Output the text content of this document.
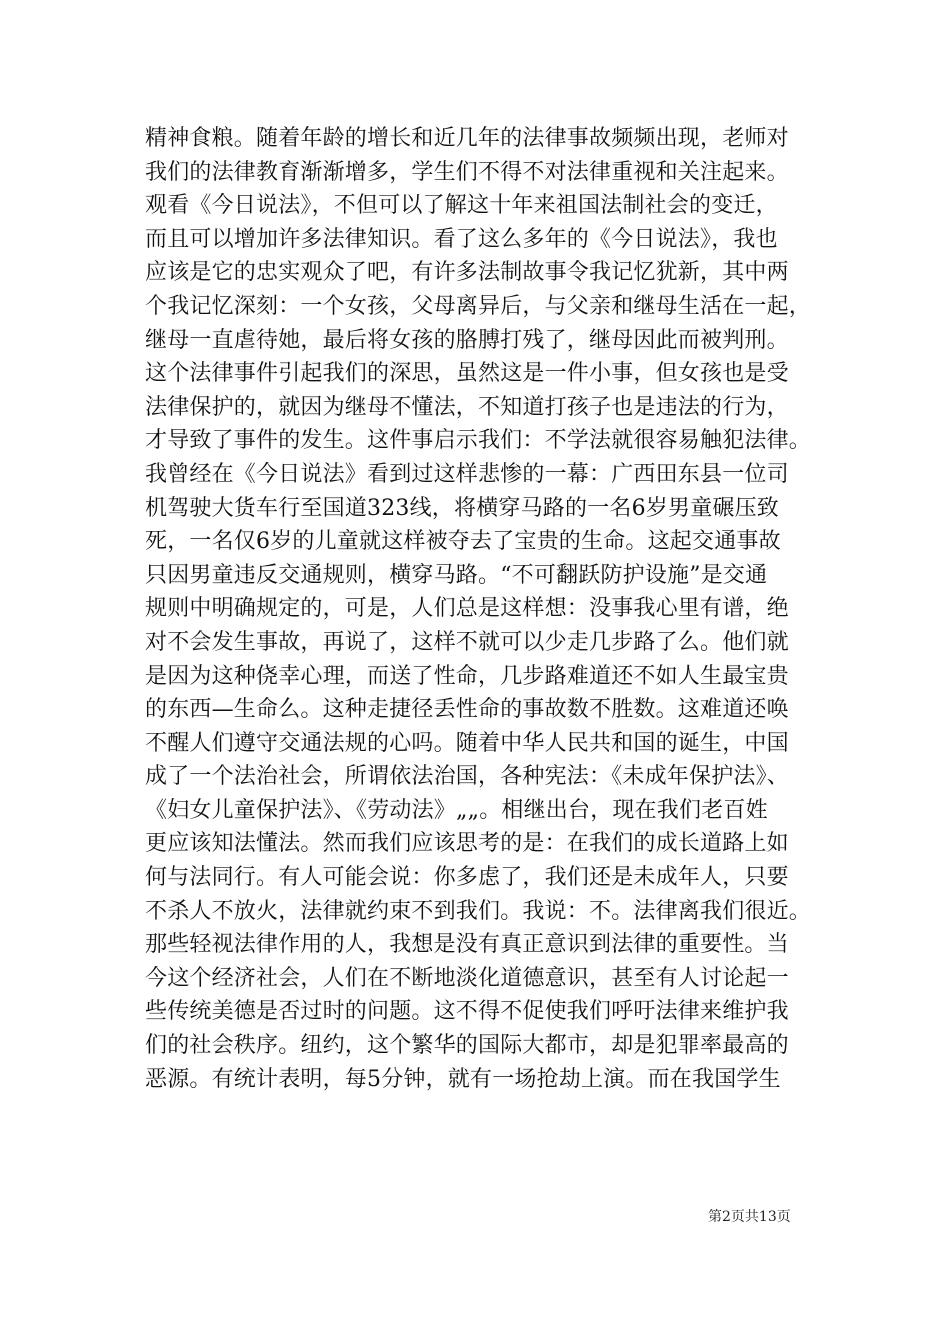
精神食粮。随着年龄的增长和近几年的法律事故频频出现，老师对
我们的法律教育渐渐增多，学生们不得不对法律重视和关注起来。
观看《今日说法》，不但可以了解这十年来祖国法制社会的变迁，
而且可以增加许多法律知识。看了这么多年的《今日说法》，我也
应该是它的忠实观众了吧，有许多法制故事令我记忆犹新，其中两
个我记忆深刻：一个女孩，父母离异后，与父亲和继母生活在一起，
继母一直虐待她，最后将女孩的胳膊打残了，继母因此而被判刑。
这个法律事件引起我们的深思，虽然这是一件小事，但女孩也是受
法律保护的，就因为继母不懂法，不知道打孩子也是违法的行为，
才导致了事件的发生。这件事启示我们：不学法就很容易触犯法律。
我曾经在《今日说法》看到过这样悲惨的一幕：广西田东县一位司
机驾驶大货车行至国道323线，将横穿马路的一名6岁男童碾压致
死，一名仅6岁的儿童就这样被夺去了宝贵的生命。这起交通事故
只因男童违反交通规则，横穿马路。“不可翻跃防护设施”是交通
规则中明确规定的，可是，人们总是这样想：没事我心里有谱，绝
对不会发生事故，再说了，这样不就可以少走几步路了么。他们就
是因为这种侥幸心理，而送了性命，几步路难道还不如人生最宝贵
的东西—生命么。这种走捷径丢性命的事故数不胜数。这难道还唤
不醒人们遵守交通法规的心吗。随着中华人民共和国的诞生，中国
成了一个法治社会，所谓依法治国，各种宪法：《未成年保护法》、
《妇女儿童保护法》、《劳动法》„„。相继出台，现在我们老百姓
更应该知法懂法。然而我们应该思考的是：在我们的成长道路上如
何与法同行。有人可能会说：你多虑了，我们还是未成年人，只要
不杀人不放火，法律就约束不到我们。我说：不。法律离我们很近。
那些轻视法律作用的人，我想是没有真正意识到法律的重要性。当
今这个经济社会，人们在不断地淡化道德意识，甚至有人讨论起一
些传统美德是否过时的问题。这不得不促使我们呼吁法律来维护我
们的社会秩序。纽约，这个繁华的国际大都市，却是犯罪率最高的
恶源。有统计表明，每5分钟，就有一场抢劫上演。而在我国学生
第2页共13页
